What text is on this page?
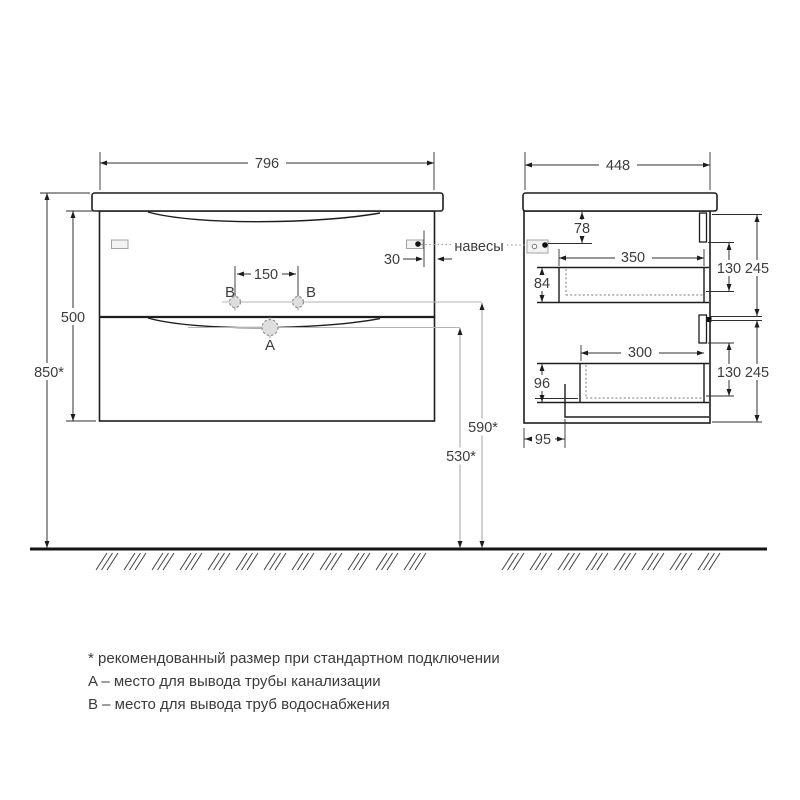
796	448
850*
500
150
30
590*
530*
78
350
84
300
96
95
130 245
130 245
навесы
B	B
A
* рекомендованный размер при стандартном подключении
A – место для вывода трубы канализации
B – место для вывода труб водоснабжения
